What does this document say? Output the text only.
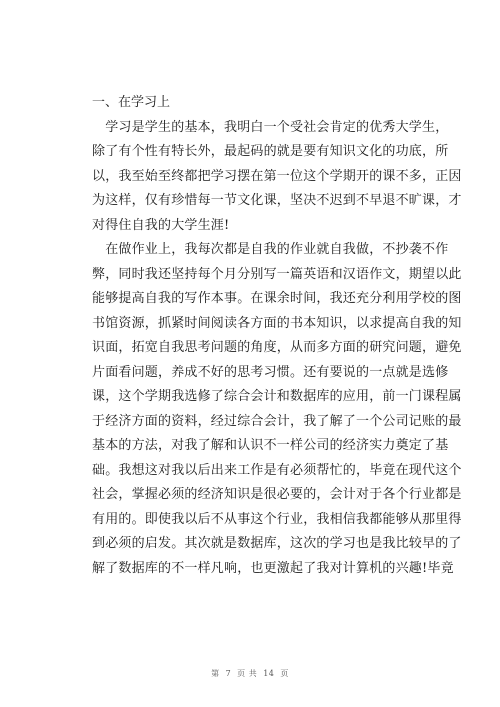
一、在学习上
　学习是学生的基本，我明白一个受社会肯定的优秀大学生，
除了有个性有特长外，最起码的就是要有知识文化的功底，所
以，我至始至终都把学习摆在第一位这个学期开的课不多，正因
为这样，仅有珍惜每一节文化课，坚决不迟到不早退不旷课，才
对得住自我的大学生涯!
　在做作业上，我每次都是自我的作业就自我做，不抄袭不作
弊，同时我还坚持每个月分别写一篇英语和汉语作文，期望以此
能够提高自我的写作本事。在课余时间，我还充分利用学校的图
书馆资源，抓紧时间阅读各方面的书本知识，以求提高自我的知
识面，拓宽自我思考问题的角度，从而多方面的研究问题，避免
片面看问题，养成不好的思考习惯。还有要说的一点就是选修
课，这个学期我选修了综合会计和数据库的应用，前一门课程属
于经济方面的资料，经过综合会计，我了解了一个公司记账的最
基本的方法，对我了解和认识不一样公司的经济实力奠定了基
础。我想这对我以后出来工作是有必须帮忙的，毕竟在现代这个
社会，掌握必须的经济知识是很必要的，会计对于各个行业都是
有用的。即使我以后不从事这个行业，我相信我都能够从那里得
到必须的启发。其次就是数据库，这次的学习也是我比较早的了
解了数据库的不一样凡响，也更激起了我对计算机的兴趣!毕竟
第 7 页 共 14 页
